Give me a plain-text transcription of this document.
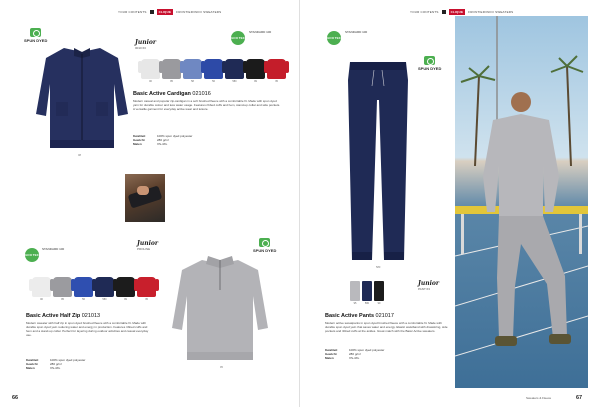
YOUR CONTENTS	CLIQUE	FRONTIER/INFO SWEATERS
SPUN DYED
08
Junior
0010 63
ECO TEX
STANDARD 100
00	95	58	56	580	99	35
Basic Active Cardigan 021016
Modern casual and popular zip-cardigan in a soft brushed fleece with a comfortable fit. Made with spun dyed yarn for durable colour and less water usage. Features ribbed cuffs and hem, stand-up collar and side pockets. A versatile garment for everyday active wear and leisure.
Kwaliteit	100% spun dyed polyester
Gewicht	280 g/m²
Maten	XS-4XL
ECO TEX
STANDARD 100
Junior
PROLINE	SPUN DYED
00	95	56	580	99	35
Basic Active Half Zip 021013
Modern sweater with half zip in spun dyed brushed fleece with a comfortable fit. Made with durable spun dyed yarn reducing water and energy in production. Features ribbed cuffs and hem and a stand-up collar. Perfect for layering during outdoor activities and casual everyday use.
Kwaliteit	100% spun dyed polyester
Gewicht	280 g/m²
Maten	XS-4XL	95
66
YOUR CONTENTS	CLIQUE	FRONTIER/INFO SWEATERS
ECO TEX
STANDARD 100
SPUN DYED
580
Junior
PANT 63
95	580	99
Basic Active Pants 021017
Modern active sweatpants in spun dyed brushed fleece with a comfortable fit. Made with durable spun dyed yarn that saves water and energy. Elastic waistband with drawstring, side pockets and ribbed cuffs at the ankles. Great match with the Basic Active sweaters.
Kwaliteit	100% spun dyed polyester
Gewicht	280 g/m²
Maten	XS-4XL
Sweaters & Fleece	67
